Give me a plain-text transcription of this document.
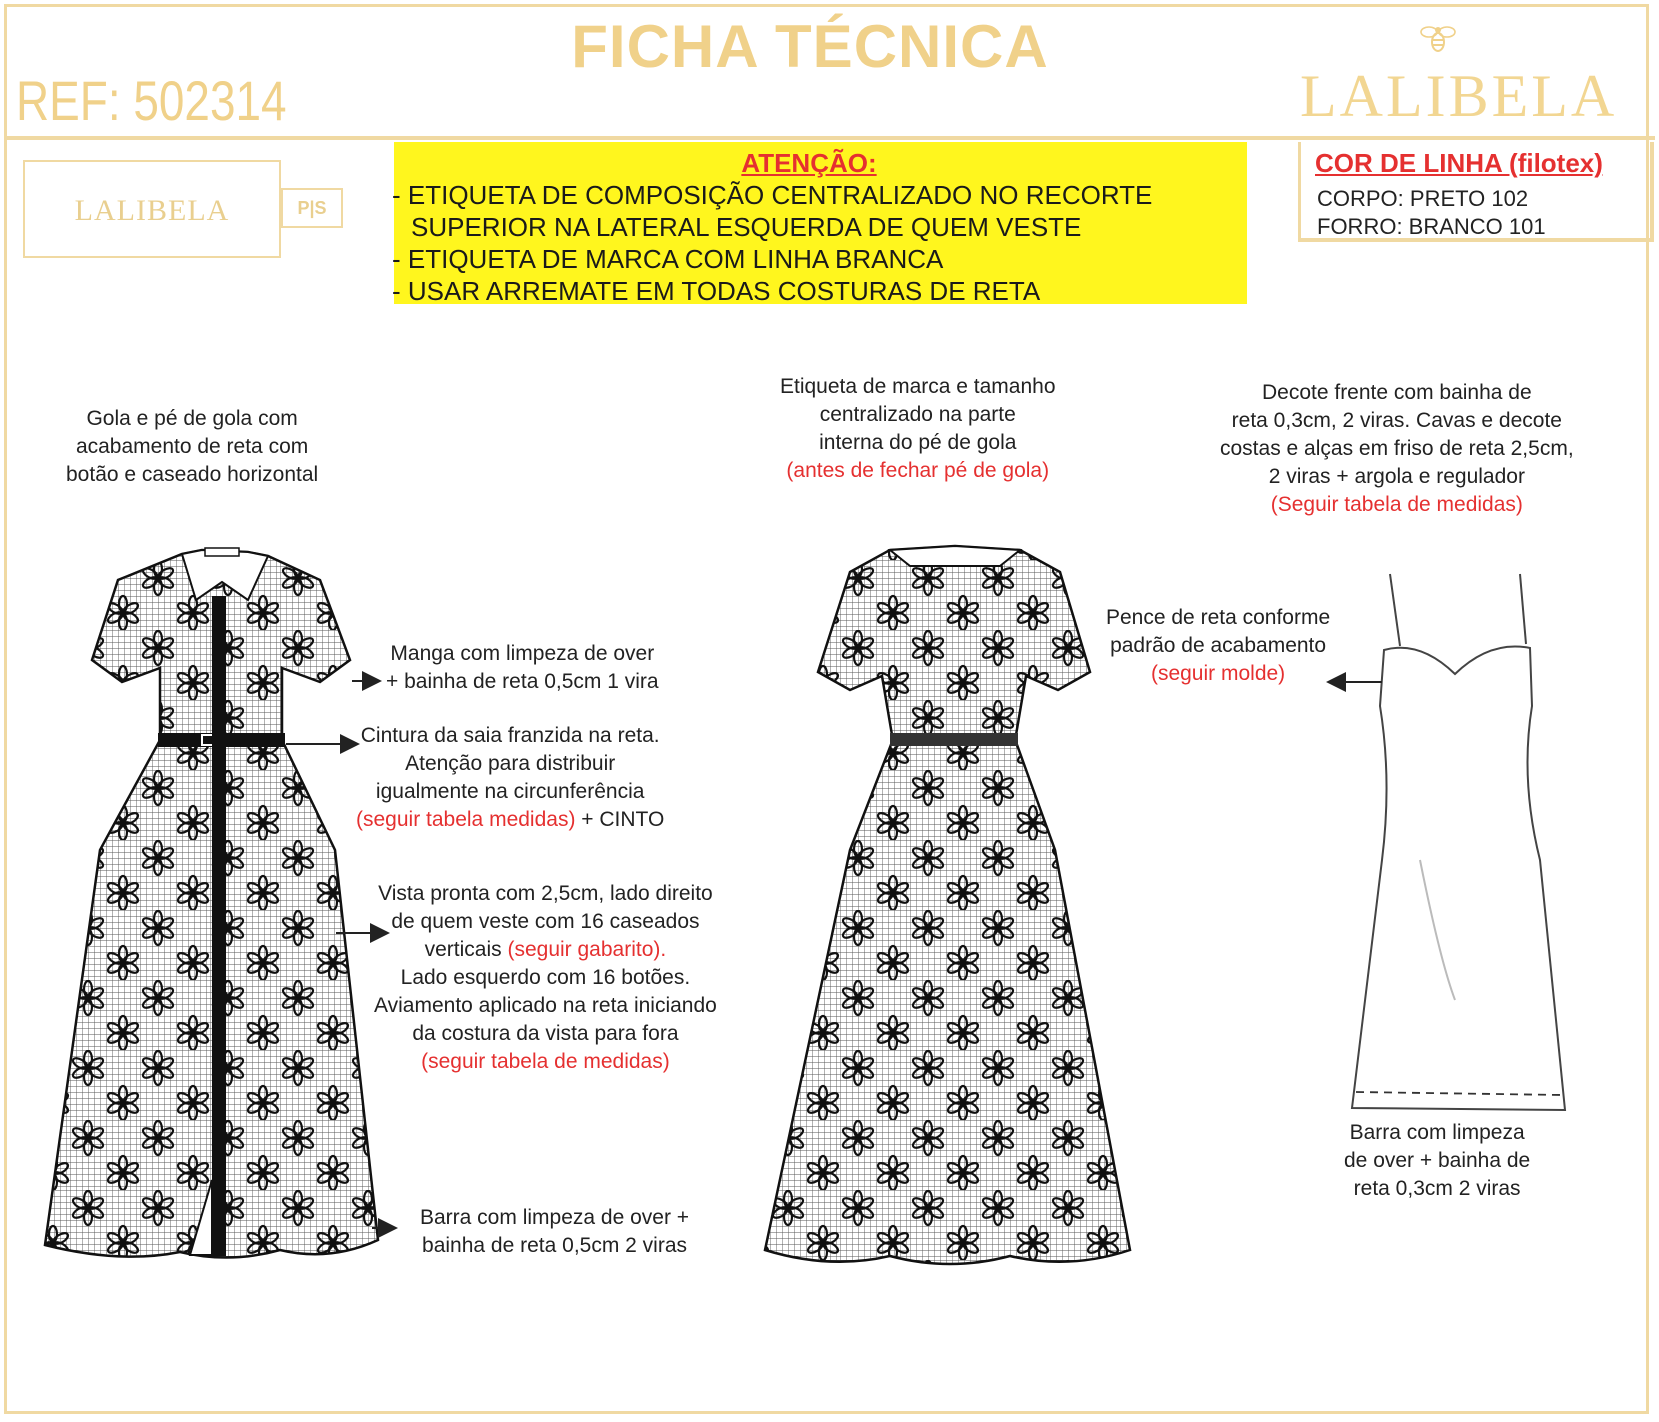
FICHA TÉCNICA
REF: 502314	LALIBELA
LALIBELA	P|S
ATENÇÃO:
- ETIQUETA DE COMPOSIÇÃO CENTRALIZADO NO RECORTE
SUPERIOR NA LATERAL ESQUERDA DE QUEM VESTE
- ETIQUETA DE MARCA COM LINHA BRANCA
- USAR ARREMATE EM TODAS COSTURAS DE RETA
COR DE LINHA (filotex)
CORPO: PRETO 102
FORRO: BRANCO 101
Gola e pé de gola com
acabamento de reta com
botão e caseado horizontal
Manga com limpeza de over
+ bainha de reta 0,5cm 1 vira
Cintura da saia franzida na reta.
Atenção para distribuir
igualmente na circunferência
(seguir tabela medidas) + CINTO
Vista pronta com 2,5cm, lado direito
de quem veste com 16 caseados
verticais (seguir gabarito).
Lado esquerdo com 16 botões.
Aviamento aplicado na reta iniciando
da costura da vista para fora
(seguir tabela de medidas)
Barra com limpeza de over +
bainha de reta 0,5cm 2 viras
Etiqueta de marca e tamanho
centralizado na parte
interna do pé de gola
(antes de fechar pé de gola)
Decote frente com bainha de
reta 0,3cm, 2 viras. Cavas e decote
costas e alças em friso de reta 2,5cm,
2 viras + argola e regulador
(Seguir tabela de medidas)
Pence de reta conforme
padrão de acabamento
(seguir molde)
Barra com limpeza
de over + bainha de
reta 0,3cm 2 viras
